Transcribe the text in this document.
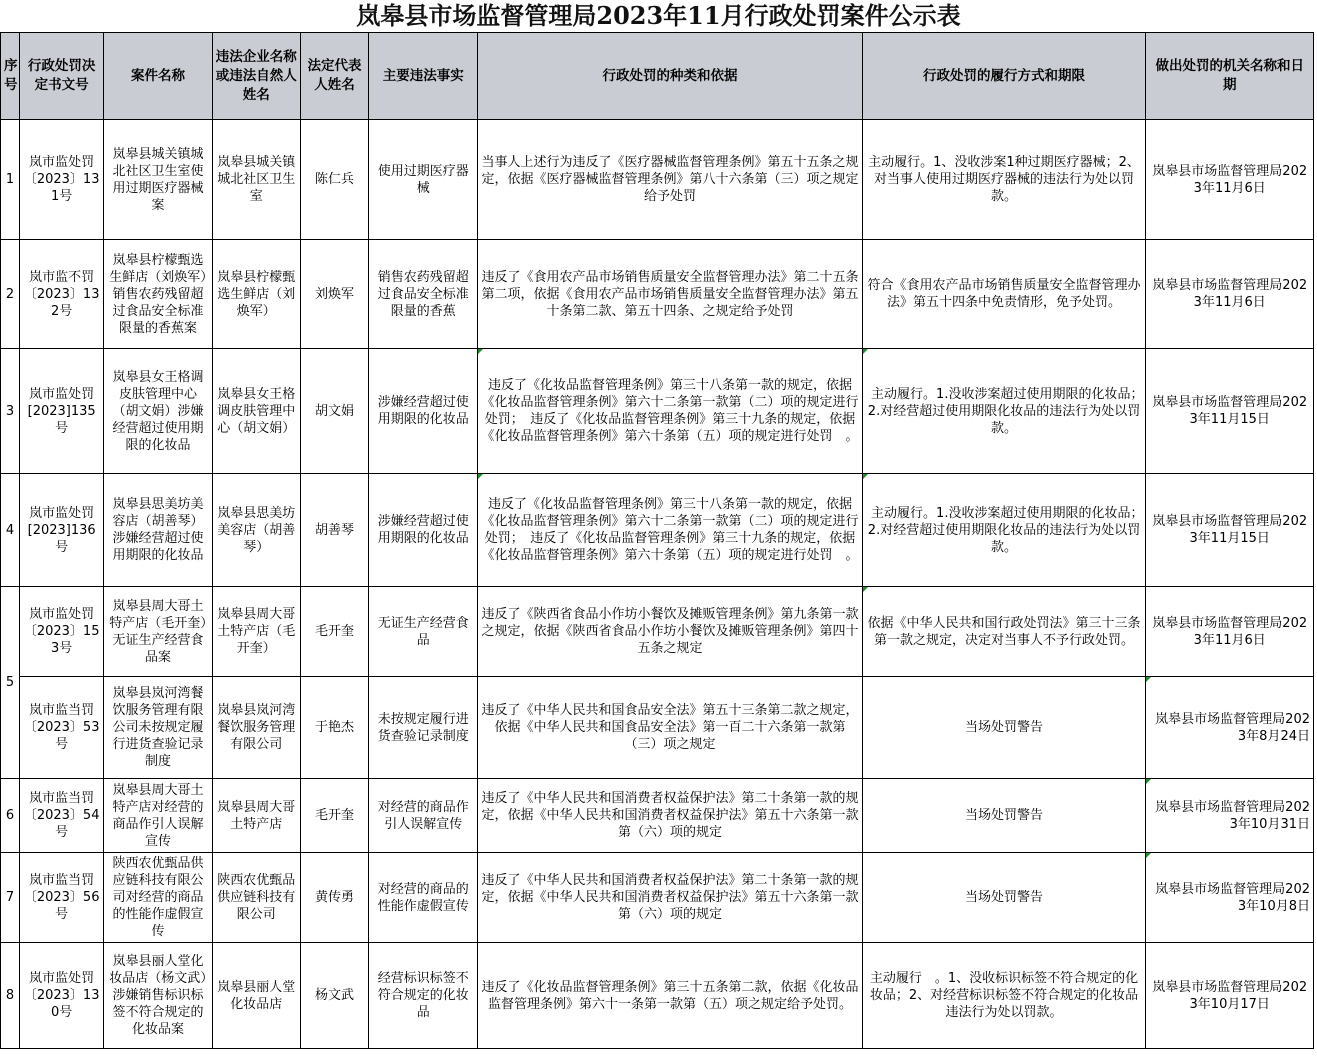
岚皋县市场监督管理局2023年11月行政处罚案件公示表
序号	行政处罚决定书文号	案件名称	违法企业名称或违法自然人姓名	法定代表人姓名	主要违法事实	行政处罚的种类和依据	行政处罚的履行方式和期限	做出处罚的机关名称和日期
1	岚市监处罚〔2023〕131号	岚皋县城关镇城北社区卫生室使用过期医疗器械案	岚皋县城关镇城北社区卫生室	陈仁兵	使用过期医疗器械	当事人上述行为违反了《医疗器械监督管理条例》第五十五条之规定，依据《医疗器械监督管理条例》第八十六条第（三）项之规定给予处罚	主动履行。1、没收涉案1种过期医疗器械；2、对当事人使用过期医疗器械的违法行为处以罚款。	岚皋县市场监督管理局2023年11月6日
2	岚市监不罚〔2023〕132号	岚皋县柠檬甄选生鲜店（刘焕军）销售农药残留超过食品安全标准限量的香蕉案	岚皋县柠檬甄选生鲜店（刘焕军）	刘焕军	销售农药残留超过食品安全标准限量的香蕉	违反了《食用农产品市场销售质量安全监督管理办法》第二十五条第二项，依据《食用农产品市场销售质量安全监督管理办法》第五十条第二款、第五十四条、之规定给予处罚	符合《食用农产品市场销售质量安全监督管理办法》第五十四条中免责情形，免予处罚。	岚皋县市场监督管理局2023年11月6日
3	岚市监处罚[2023]135号	岚皋县女王格调皮肤管理中心（胡文娟）涉嫌经营超过使用期限的化妆品	岚皋县女王格调皮肤管理中心（胡文娟）	胡文娟	涉嫌经营超过使用期限的化妆品	违反了《化妆品监督管理条例》第三十八条第一款的规定，依据《化妆品监督管理条例》第六十二条第一款第（二）项的规定进行处罚；　违反了《化妆品监督管理条例》第三十九条的规定，依据《化妆品监督管理条例》第六十条第（五）项的规定进行处罚　。	主动履行。1.没收涉案超过使用期限的化妆品；　2.对经营超过使用期限化妆品的违法行为处以罚款。	岚皋县市场监督管理局2023年11月15日
4	岚市监处罚[2023]136号	岚皋县思美坊美容店（胡善琴）涉嫌经营超过使用期限的化妆品	岚皋县思美坊美容店（胡善琴）	胡善琴	涉嫌经营超过使用期限的化妆品	违反了《化妆品监督管理条例》第三十八条第一款的规定，依据《化妆品监督管理条例》第六十二条第一款第（二）项的规定进行处罚；　违反了《化妆品监督管理条例》第三十九条的规定，依据《化妆品监督管理条例》第六十条第（五）项的规定进行处罚　。	主动履行。1.没收涉案超过使用期限的化妆品；　2.对经营超过使用期限化妆品的违法行为处以罚款。	岚皋县市场监督管理局2023年11月15日
5	岚市监处罚〔2023〕153号	岚皋县周大哥土特产店（毛开奎）无证生产经营食品案	岚皋县周大哥土特产店（毛开奎）	毛开奎	无证生产经营食品	违反了《陕西省食品小作坊小餐饮及摊贩管理条例》第九条第一款之规定，依据《陕西省食品小作坊小餐饮及摊贩管理条例》第四十五条之规定	依据《中华人民共和国行政处罚法》第三十三条第一款之规定，决定对当事人不予行政处罚。	岚皋县市场监督管理局2023年11月6日
	岚市监当罚〔2023〕53号	岚皋县岚河湾餐饮服务管理有限公司未按规定履行进货查验记录制度	岚皋县岚河湾餐饮服务管理有限公司	于艳杰	未按规定履行进货查验记录制度	违反了《中华人民共和国食品安全法》第五十三条第二款之规定，依据《中华人民共和国食品安全法》第一百二十六条第一款第（三）项之规定	当场处罚警告	岚皋县市场监督管理局2023年8月24日
6	岚市监当罚〔2023〕54号	岚皋县周大哥土特产店对经营的商品作引人误解宣传	岚皋县周大哥土特产店	毛开奎	对经营的商品作引人误解宣传	违反了《中华人民共和国消费者权益保护法》第二十条第一款的规定，依据《中华人民共和国消费者权益保护法》第五十六条第一款第（六）项的规定	当场处罚警告	岚皋县市场监督管理局2023年10月31日
7	岚市监当罚〔2023〕56号	陕西农优甄品供应链科技有限公司对经营的商品的性能作虚假宣传	陕西农优甄品供应链科技有限公司	黄传勇	对经营的商品的性能作虚假宣传	违反了《中华人民共和国消费者权益保护法》第二十条第一款的规定，依据《中华人民共和国消费者权益保护法》第五十六条第一款第（六）项的规定	当场处罚警告	岚皋县市场监督管理局2023年10月8日
8	岚市监处罚〔2023〕130号	岚皋县丽人堂化妆品店（杨文武）涉嫌销售标识标签不符合规定的化妆品案	岚皋县丽人堂化妆品店	杨文武	经营标识标签不符合规定的化妆品	违反了《化妆品监督管理条例》第三十五条第二款，依据《化妆品监督管理条例》第六十一条第一款第（五）项之规定给予处罚。	主动履行　。1、没收标识标签不符合规定的化妆品；2、对经营标识标签不符合规定的化妆品违法行为处以罚款。	岚皋县市场监督管理局2023年10月17日
